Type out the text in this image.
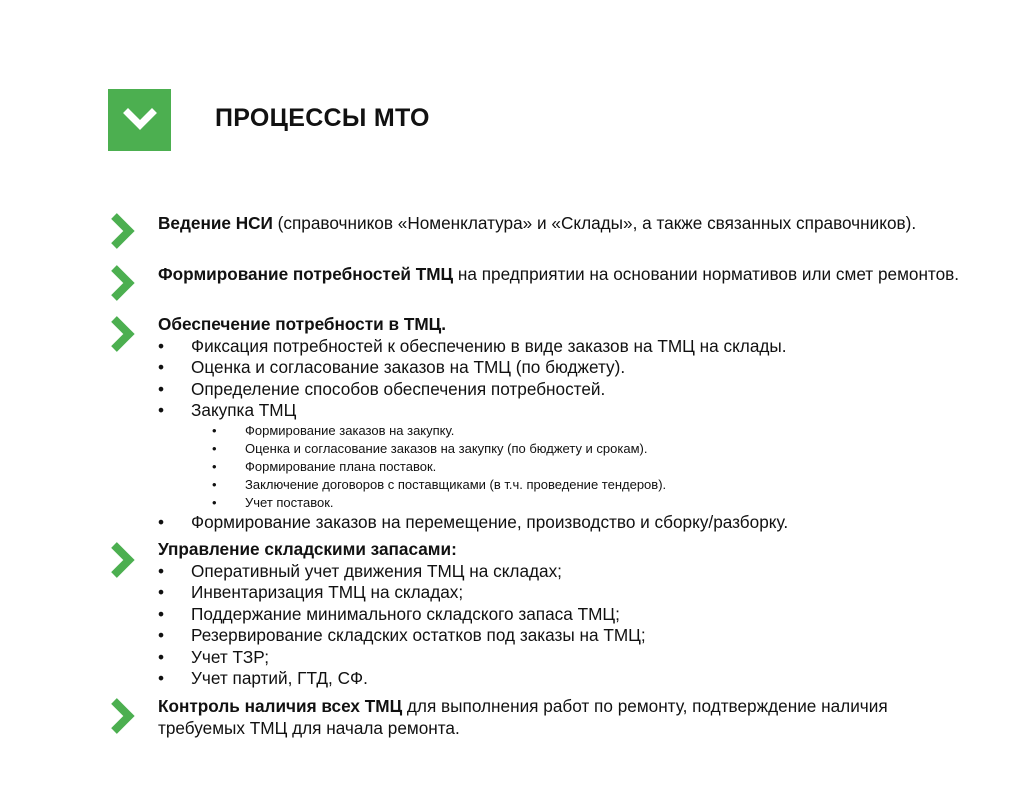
ПРОЦЕССЫ МТО
Ведение НСИ (справочников «Номенклатура» и «Склады», а также связанных справочников).
Формирование потребностей ТМЦ на предприятии на основании нормативов или смет ремонтов.
Обеспечение потребности в ТМЦ.
• Фиксация потребностей к обеспечению в виде заказов на ТМЦ на склады.
• Оценка и согласование заказов на ТМЦ (по бюджету).
• Определение способов обеспечения потребностей.
• Закупка ТМЦ
• Формирование заказов на закупку.
• Оценка и согласование заказов на закупку (по бюджету и срокам).
• Формирование плана поставок.
• Заключение договоров с поставщиками (в т.ч. проведение тендеров).
• Учет поставок.
• Формирование заказов на перемещение, производство и сборку/разборку.
Управление складскими запасами:
• Оперативный учет движения ТМЦ на складах;
• Инвентаризация ТМЦ на складах;
• Поддержание минимального складского запаса ТМЦ;
• Резервирование складских остатков под заказы на ТМЦ;
• Учет ТЗР;
• Учет партий, ГТД, СФ.
Контроль наличия всех ТМЦ для выполнения работ по ремонту, подтверждение наличия требуемых ТМЦ для начала ремонта.
